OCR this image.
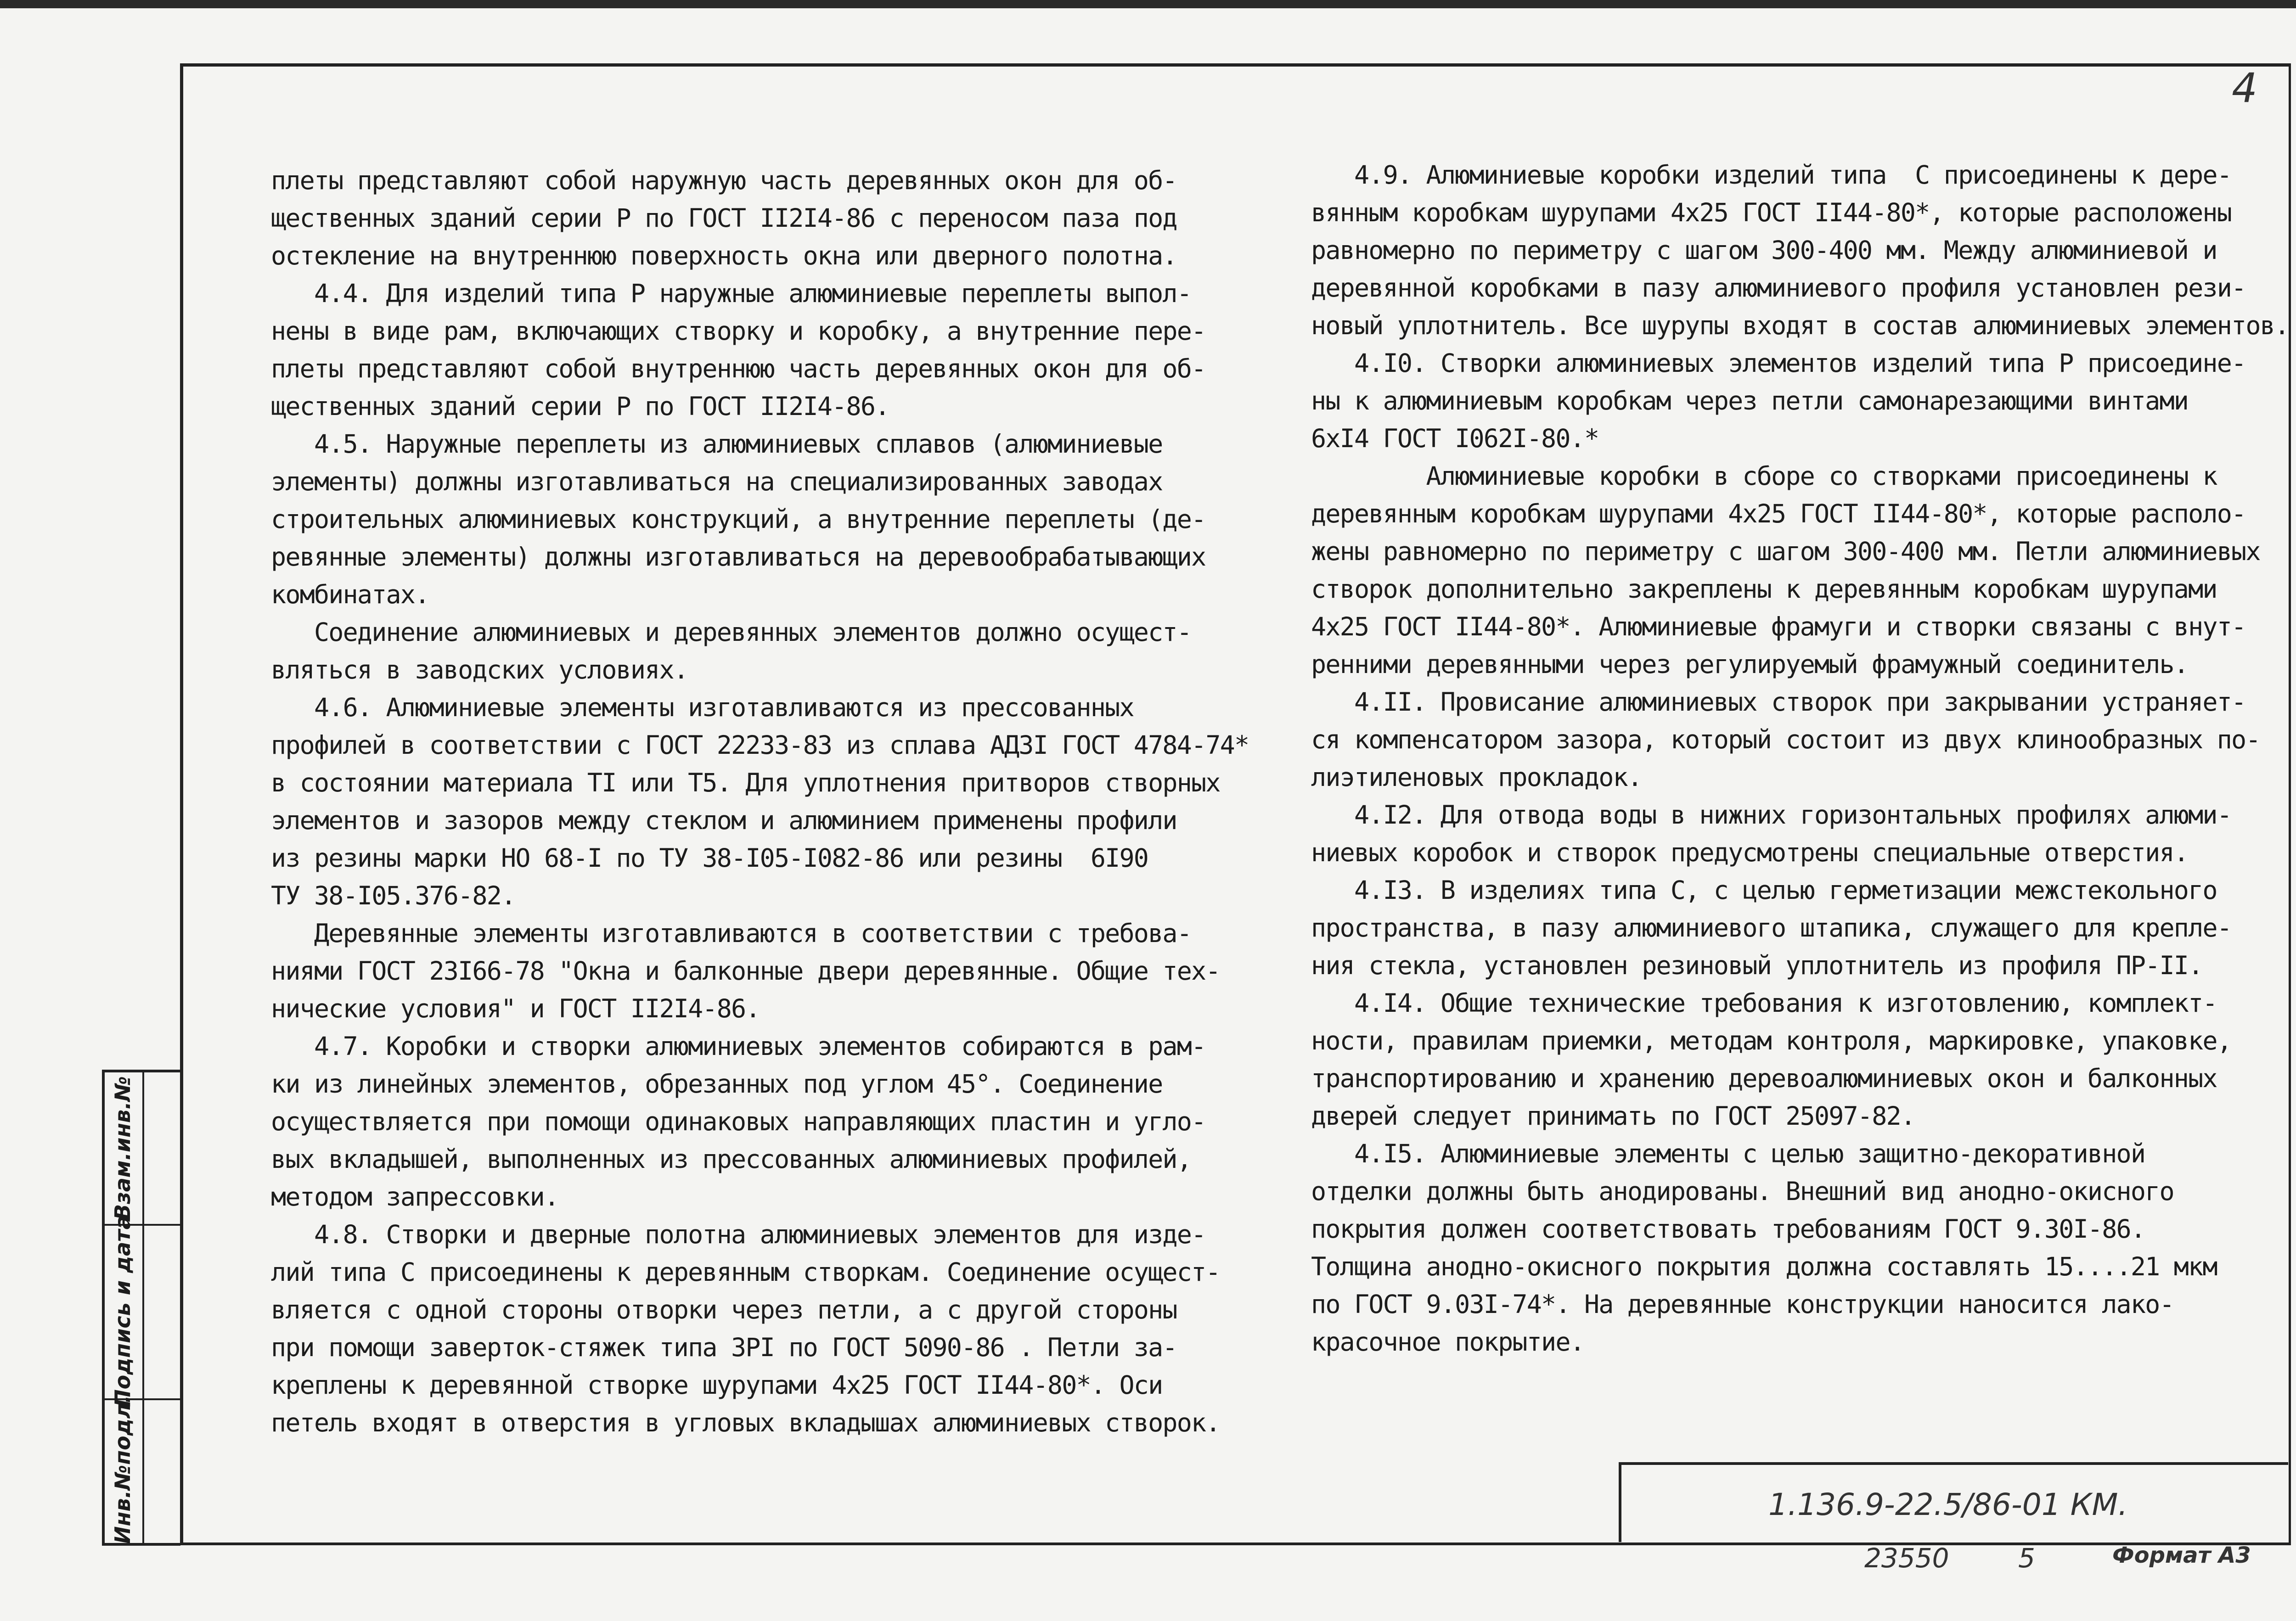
4
плеты представляют собой наружную часть деревянных окон для об-
щественных зданий серии Р по ГОСТ II2I4-86 с переносом паза под
остекление на внутреннюю поверхность окна или дверного полотна.
4.4. Для изделий типа Р наружные алюминиевые переплеты выпол-
нены в виде рам, включающих створку и коробку, а внутренние пере-
плеты представляют собой внутреннюю часть деревянных окон для об-
щественных зданий серии Р по ГОСТ II2I4-86.
4.5. Наружные переплеты из алюминиевых сплавов (алюминиевые
элементы) должны изготавливаться на специализированных заводах
строительных алюминиевых конструкций, а внутренние переплеты (де-
ревянные элементы) должны изготавливаться на деревообрабатывающих
комбинатах.
Соединение алюминиевых и деревянных элементов должно осущест-
вляться в заводских условиях.
4.6. Алюминиевые элементы изготавливаются из прессованных
профилей в соответствии с ГОСТ 22233-83 из сплава АДЗI ГОСТ 4784-74*
в состоянии материала TI или T5. Для уплотнения притворов створных
элементов и зазоров между стеклом и алюминием применены профили
из резины марки НО 68-I по ТУ 38-I05-I082-86 или резины  6I90
ТУ 38-I05.376-82.
Деревянные элементы изготавливаются в соответствии с требова-
ниями ГОСТ 23I66-78 "Окна и балконные двери деревянные. Общие тех-
нические условия" и ГОСТ II2I4-86.
4.7. Коробки и створки алюминиевых элементов собираются в рам-
ки из линейных элементов, обрезанных под углом 45°. Соединение
осуществляется при помощи одинаковых направляющих пластин и угло-
вых вкладышей, выполненных из прессованных алюминиевых профилей,
методом запрессовки.
4.8. Створки и дверные полотна алюминиевых элементов для изде-
лий типа С присоединены к деревянным створкам. Соединение осущест-
вляется с одной стороны отворки через петли, а с другой стороны
при помощи заверток-стяжек типа ЗРI по ГОСТ 5090-86 . Петли за-
креплены к деревянной створке шурупами 4x25 ГОСТ II44-80*. Оси
петель входят в отверстия в угловых вкладышах алюминиевых створок.
4.9. Алюминиевые коробки изделий типа  С присоединены к дере-
вянным коробкам шурупами 4x25 ГОСТ II44-80*, которые расположены
равномерно по периметру с шагом 300-400 мм. Между алюминиевой и
деревянной коробками в пазу алюминиевого профиля установлен рези-
новый уплотнитель. Все шурупы входят в состав алюминиевых элементов.
4.I0. Створки алюминиевых элементов изделий типа Р присоедине-
ны к алюминиевым коробкам через петли самонарезающими винтами
6xI4 ГОСТ I062I-80.*
Алюминиевые коробки в сборе со створками присоединены к
деревянным коробкам шурупами 4x25 ГОСТ II44-80*, которые располо-
жены равномерно по периметру с шагом 300-400 мм. Петли алюминиевых
створок дополнительно закреплены к деревянным коробкам шурупами
4x25 ГОСТ II44-80*. Алюминиевые фрамуги и створки связаны с внут-
ренними деревянными через регулируемый фрамужный соединитель.
4.II. Провисание алюминиевых створок при закрывании устраняет-
ся компенсатором зазора, который состоит из двух клинообразных по-
лиэтиленовых прокладок.
4.I2. Для отвода воды в нижних горизонтальных профилях алюми-
ниевых коробок и створок предусмотрены специальные отверстия.
4.I3. В изделиях типа С, с целью герметизации межстекольного
пространства, в пазу алюминиевого штапика, служащего для крепле-
ния стекла, установлен резиновый уплотнитель из профиля ПР-II.
4.I4. Общие технические требования к изготовлению, комплект-
ности, правилам приемки, методам контроля, маркировке, упаковке,
транспортированию и хранению деревоалюминиевых окон и балконных
дверей следует принимать по ГОСТ 25097-82.
4.I5. Алюминиевые элементы с целью защитно-декоративной
отделки должны быть анодированы. Внешний вид анодно-окисного
покрытия должен соответствовать требованиям ГОСТ 9.30I-86.
Толщина анодно-окисного покрытия должна составлять 15....21 мкм
по ГОСТ 9.03I-74*. На деревянные конструкции наносится лако-
красочное покрытие.
Инв.№подл.
Подпись и дата
Взам.инв.№
1.136.9-22.5/86-01 КМ.
23550	5	Формат А3
